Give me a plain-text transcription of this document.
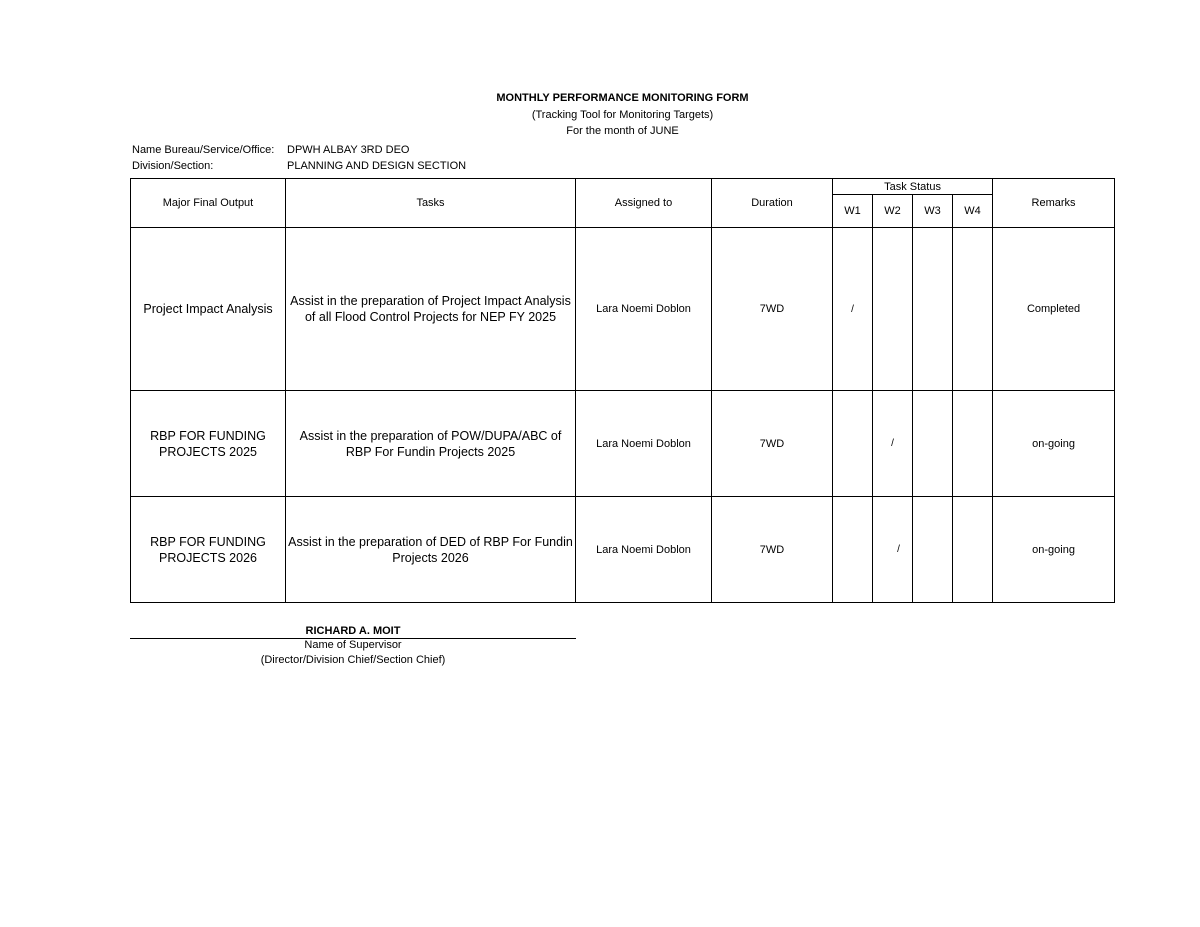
MONTHLY PERFORMANCE MONITORING FORM
(Tracking Tool for Monitoring Targets)
For the month of JUNE
Name Bureau/Service/Office: DPWH ALBAY 3RD DEO
Division/Section:	PLANNING AND DESIGN SECTION
Major Final Output	Tasks	Assigned to	Duration	Task Status				Remarks
				W1	W2	W3	W4	
Project Impact Analysis	Assist in the preparation of Project Impact Analysis of all Flood Control Projects for NEP FY 2025	Lara Noemi Doblon	7WD	/				Completed
RBP FOR FUNDING PROJECTS 2025	Assist in the preparation of POW/DUPA/ABC of RBP For Fundin Projects 2025	Lara Noemi Doblon	7WD		/			on-going
RBP FOR FUNDING PROJECTS 2026	Assist in the preparation of DED of RBP For Fundin Projects 2026	Lara Noemi Doblon	7WD		/			on-going
RICHARD A. MOIT
Name of Supervisor
(Director/Division Chief/Section Chief)
